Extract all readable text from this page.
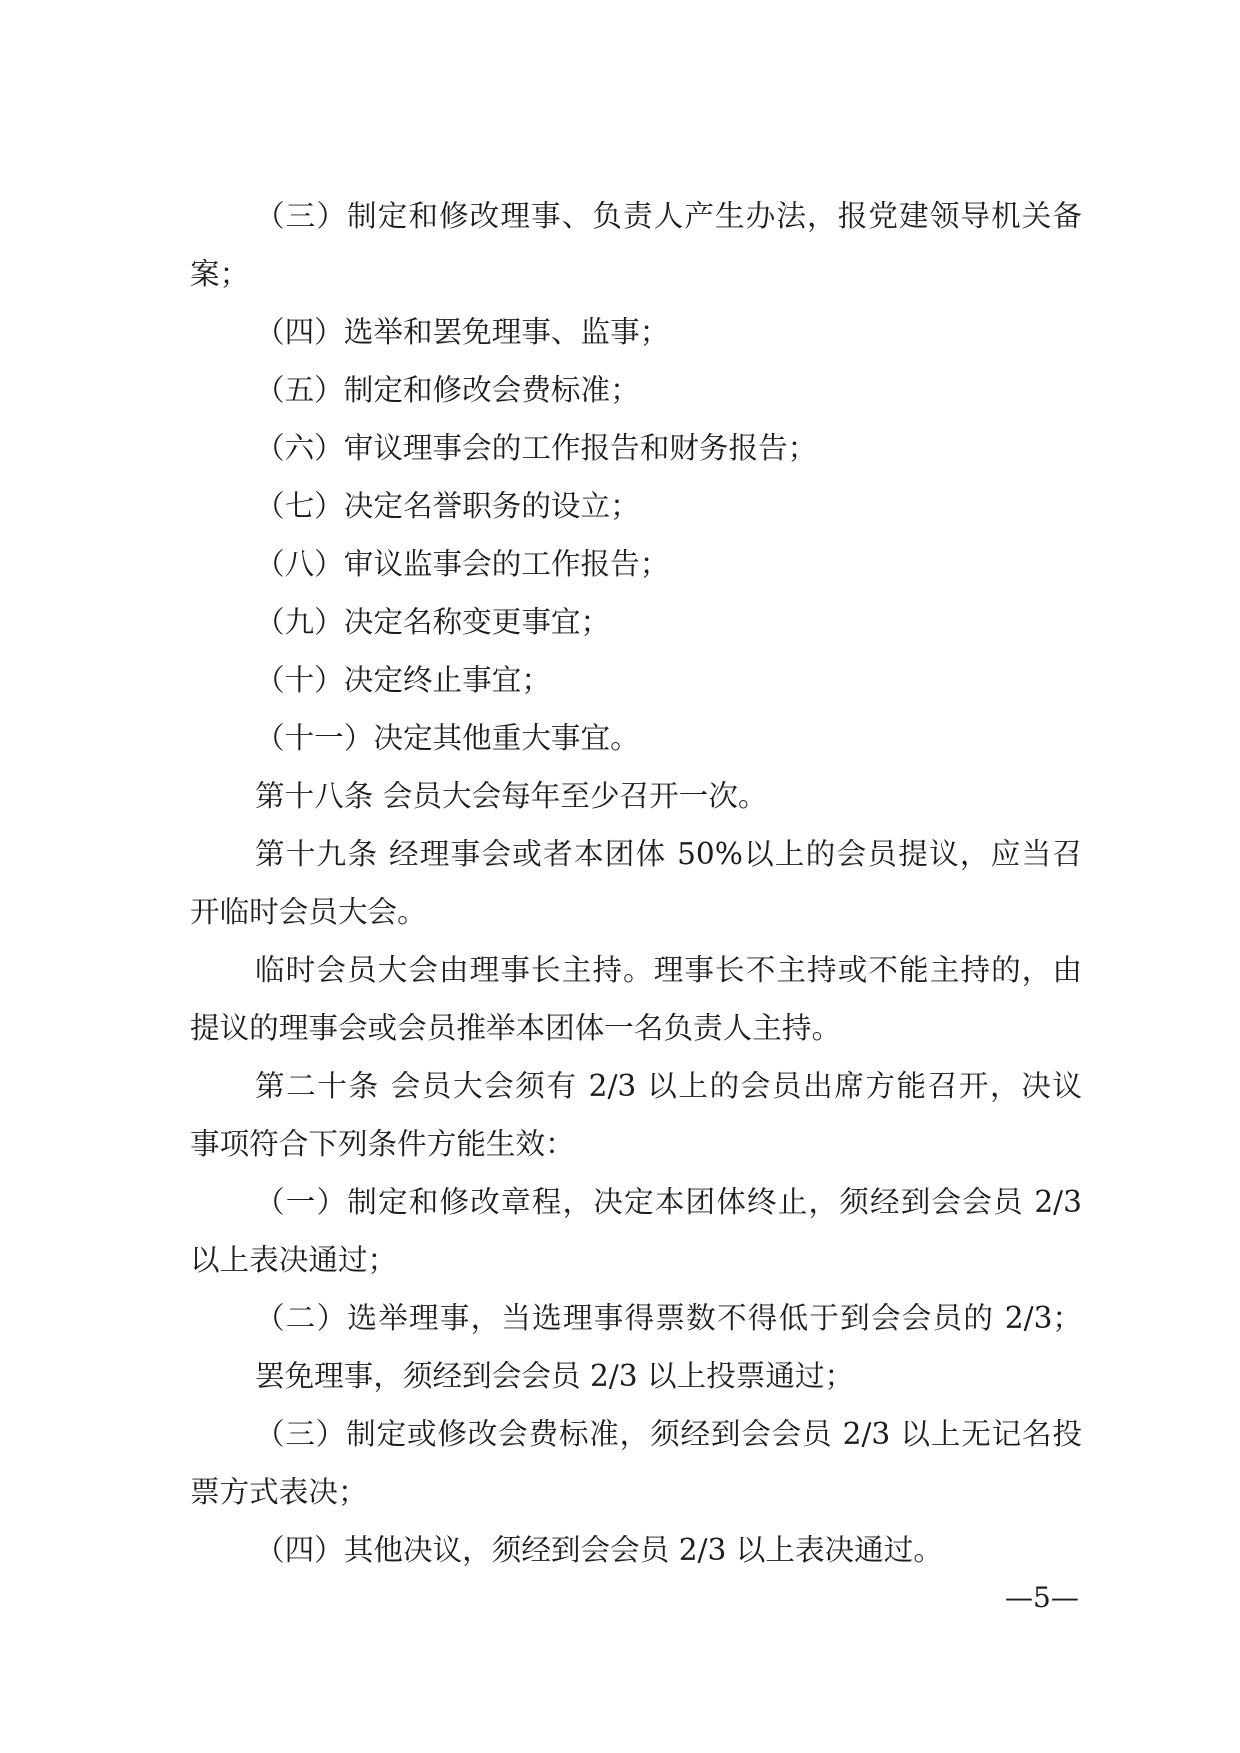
（三）制定和修改理事、负责人产生办法，报党建领导机关备
案；
（四）选举和罢免理事、监事；
（五）制定和修改会费标准；
（六）审议理事会的工作报告和财务报告；
（七）决定名誉职务的设立；
（八）审议监事会的工作报告；
（九）决定名称变更事宜；
（十）决定终止事宜；
（十一）决定其他重大事宜。
第十八条 会员大会每年至少召开一次。
第十九条 经理事会或者本团体 50%以上的会员提议，应当召
开临时会员大会。
临时会员大会由理事长主持。理事长不主持或不能主持的，由
提议的理事会或会员推举本团体一名负责人主持。
第二十条 会员大会须有 2/3 以上的会员出席方能召开，决议
事项符合下列条件方能生效：
（一）制定和修改章程，决定本团体终止，须经到会会员 2/3
以上表决通过；
（二）选举理事，当选理事得票数不得低于到会会员的 2/3；
罢免理事，须经到会会员 2/3 以上投票通过；
（三）制定或修改会费标准，须经到会会员 2/3 以上无记名投
票方式表决；
（四）其他决议，须经到会会员 2/3 以上表决通过。
—5—
